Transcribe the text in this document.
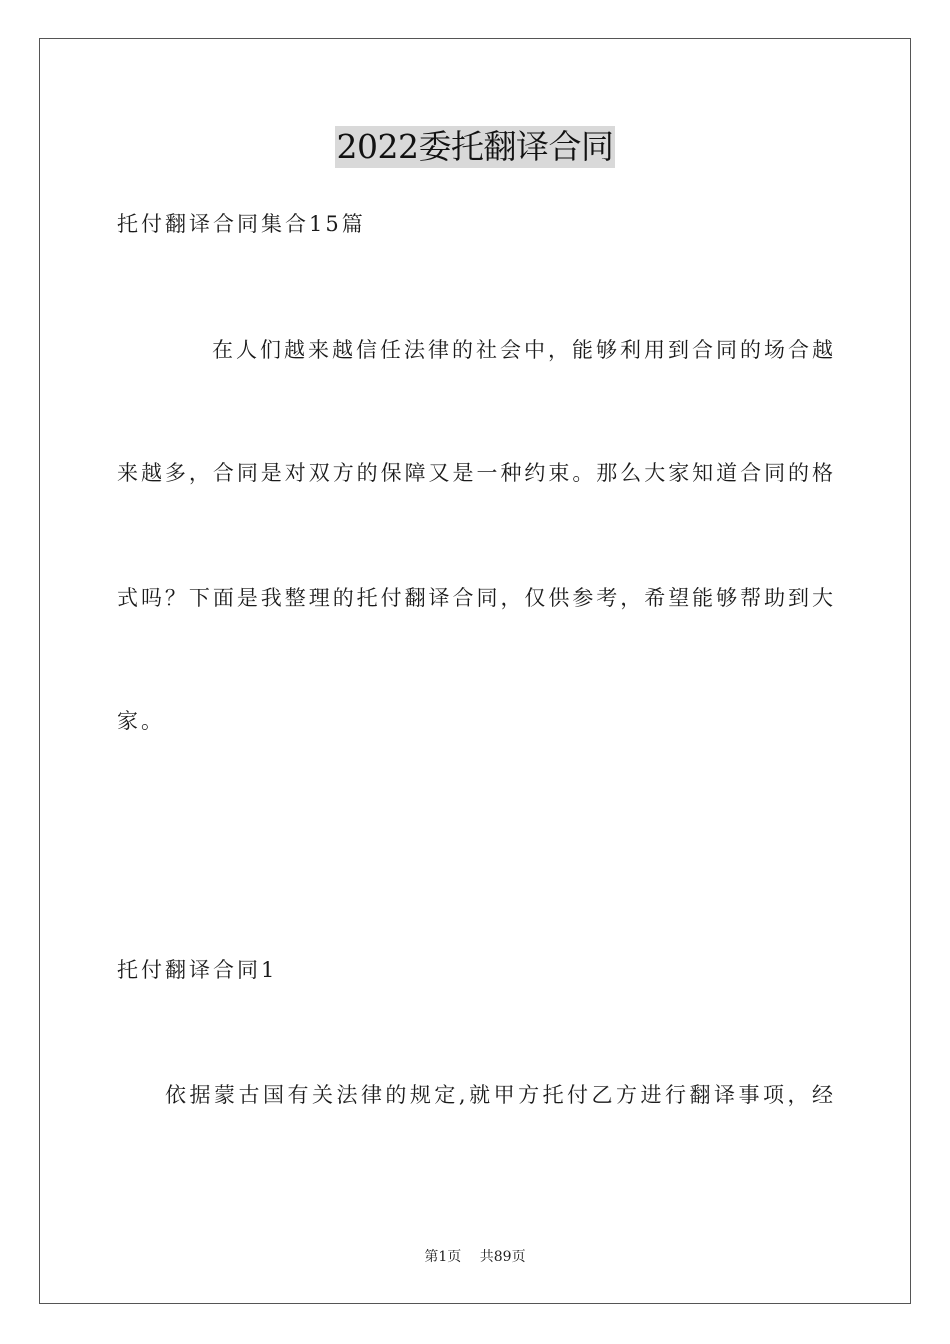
2022委托翻译合同
托付翻译合同集合15篇
在人们越来越信任法律的社会中，能够利用到合同的场合越
来越多，合同是对双方的保障又是一种约束。那么大家知道合同的格
式吗？下面是我整理的托付翻译合同，仅供参考，希望能够帮助到大
家。
托付翻译合同1
依据蒙古国有关法律的规定,就甲方托付乙方进行翻译事项，经
第1页 共89页
